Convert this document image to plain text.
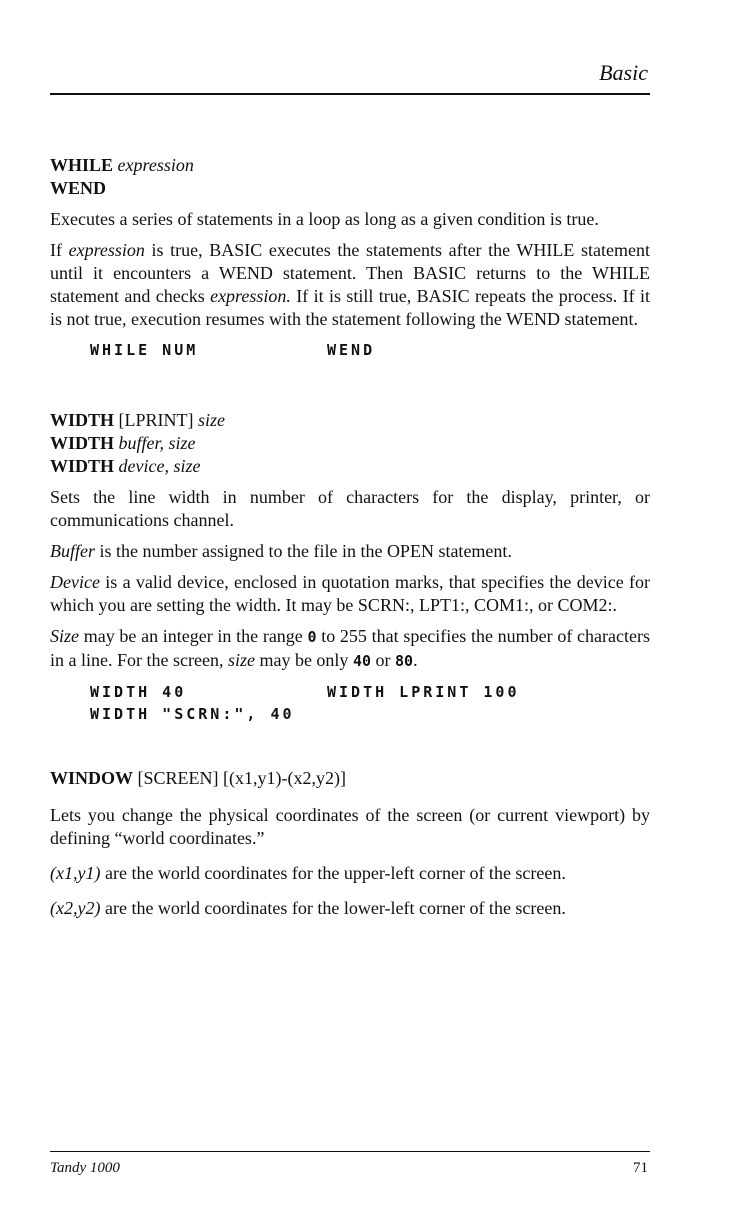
Basic
WHILE expression
WEND

Executes a series of statements in a loop as long as a given condition is true.

If expression is true, BASIC executes the statements after the WHILE statement until it encounters a WEND statement. Then BASIC returns to the WHILE statement and checks expression. If it is still true, BASIC repeats the process. If it is not true, execution resumes with the statement following the WEND statement.

WHILE NUM	WEND
WIDTH [LPRINT] size
WIDTH buffer, size
WIDTH device, size

Sets the line width in number of characters for the display, printer, or communications channel.

Buffer is the number assigned to the file in the OPEN statement.

Device is a valid device, enclosed in quotation marks, that specifies the device for which you are setting the width. It may be SCRN:, LPT1:, COM1:, or COM2:.

Size may be an integer in the range 0 to 255 that specifies the number of characters in a line. For the screen, size may be only 40 or 80.

WIDTH 40	WIDTH LPRINT 100
WIDTH "SCRN:", 40
WINDOW [SCREEN] [(x1,y1)-(x2,y2)]

Lets you change the physical coordinates of the screen (or current viewport) by defining “world coordinates.”

(x1,y1) are the world coordinates for the upper-left corner of the screen.

(x2,y2) are the world coordinates for the lower-left corner of the screen.

Tandy 1000	71
